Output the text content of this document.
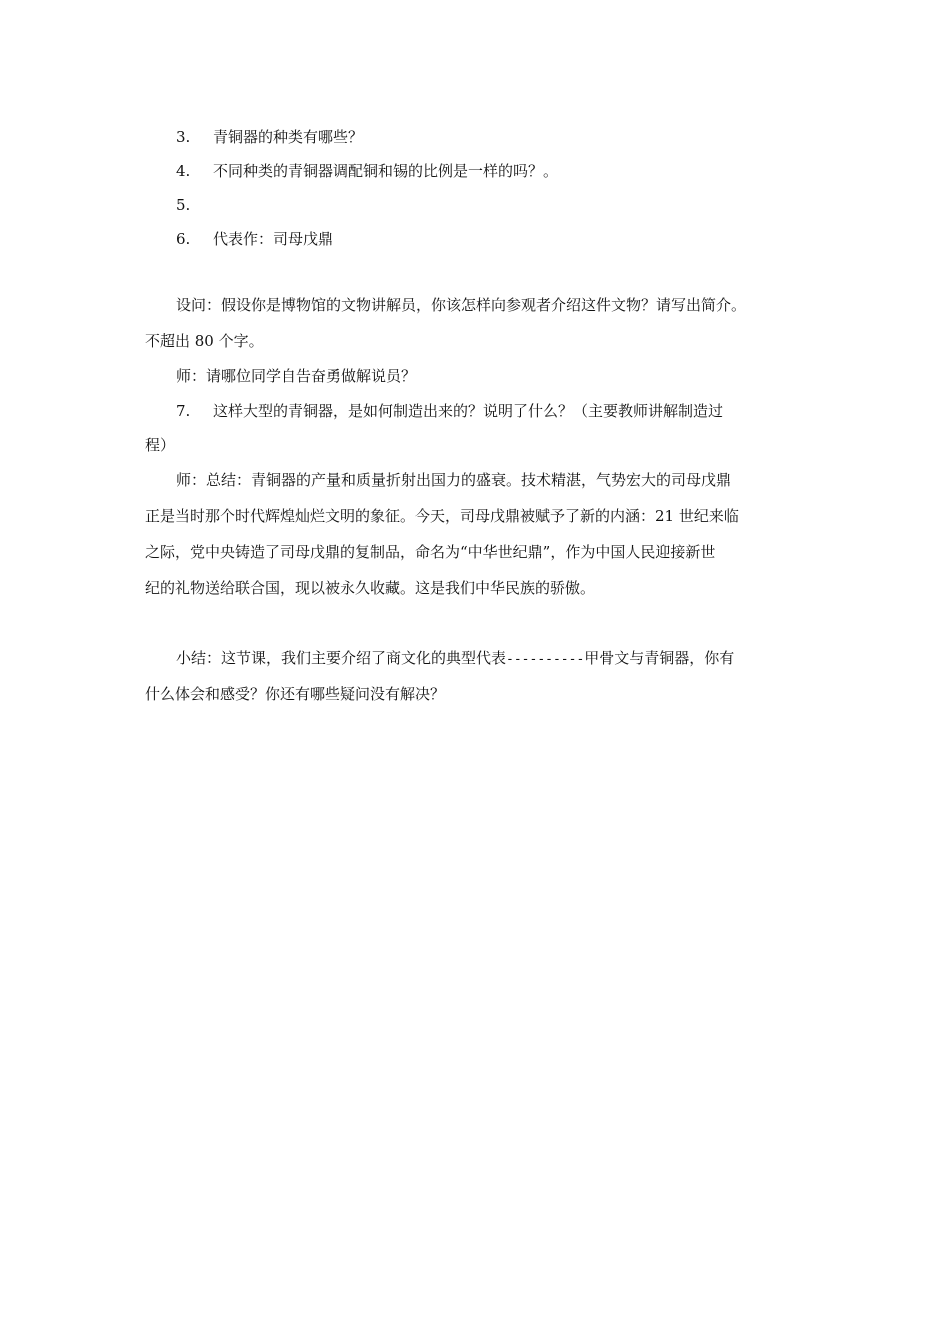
3. 青铜器的种类有哪些？
4. 不同种类的青铜器调配铜和锡的比例是一样的吗？。
5.
6. 代表作：司母戊鼎
设问：假设你是博物馆的文物讲解员，你该怎样向参观者介绍这件文物？请写出简介。
不超出 80 个字。
师：请哪位同学自告奋勇做解说员？
7. 这样大型的青铜器，是如何制造出来的？说明了什么？（主要教师讲解制造过
程）
师：总结：青铜器的产量和质量折射出国力的盛衰。技术精湛，气势宏大的司母戊鼎
正是当时那个时代辉煌灿烂文明的象征。今天，司母戊鼎被赋予了新的内涵：21 世纪来临
之际，党中央铸造了司母戊鼎的复制品，命名为“中华世纪鼎”，作为中国人民迎接新世
纪的礼物送给联合国，现以被永久收藏。这是我们中华民族的骄傲。
小结：这节课，我们主要介绍了商文化的典型代表----------甲骨文与青铜器，你有
什么体会和感受？你还有哪些疑问没有解决？
